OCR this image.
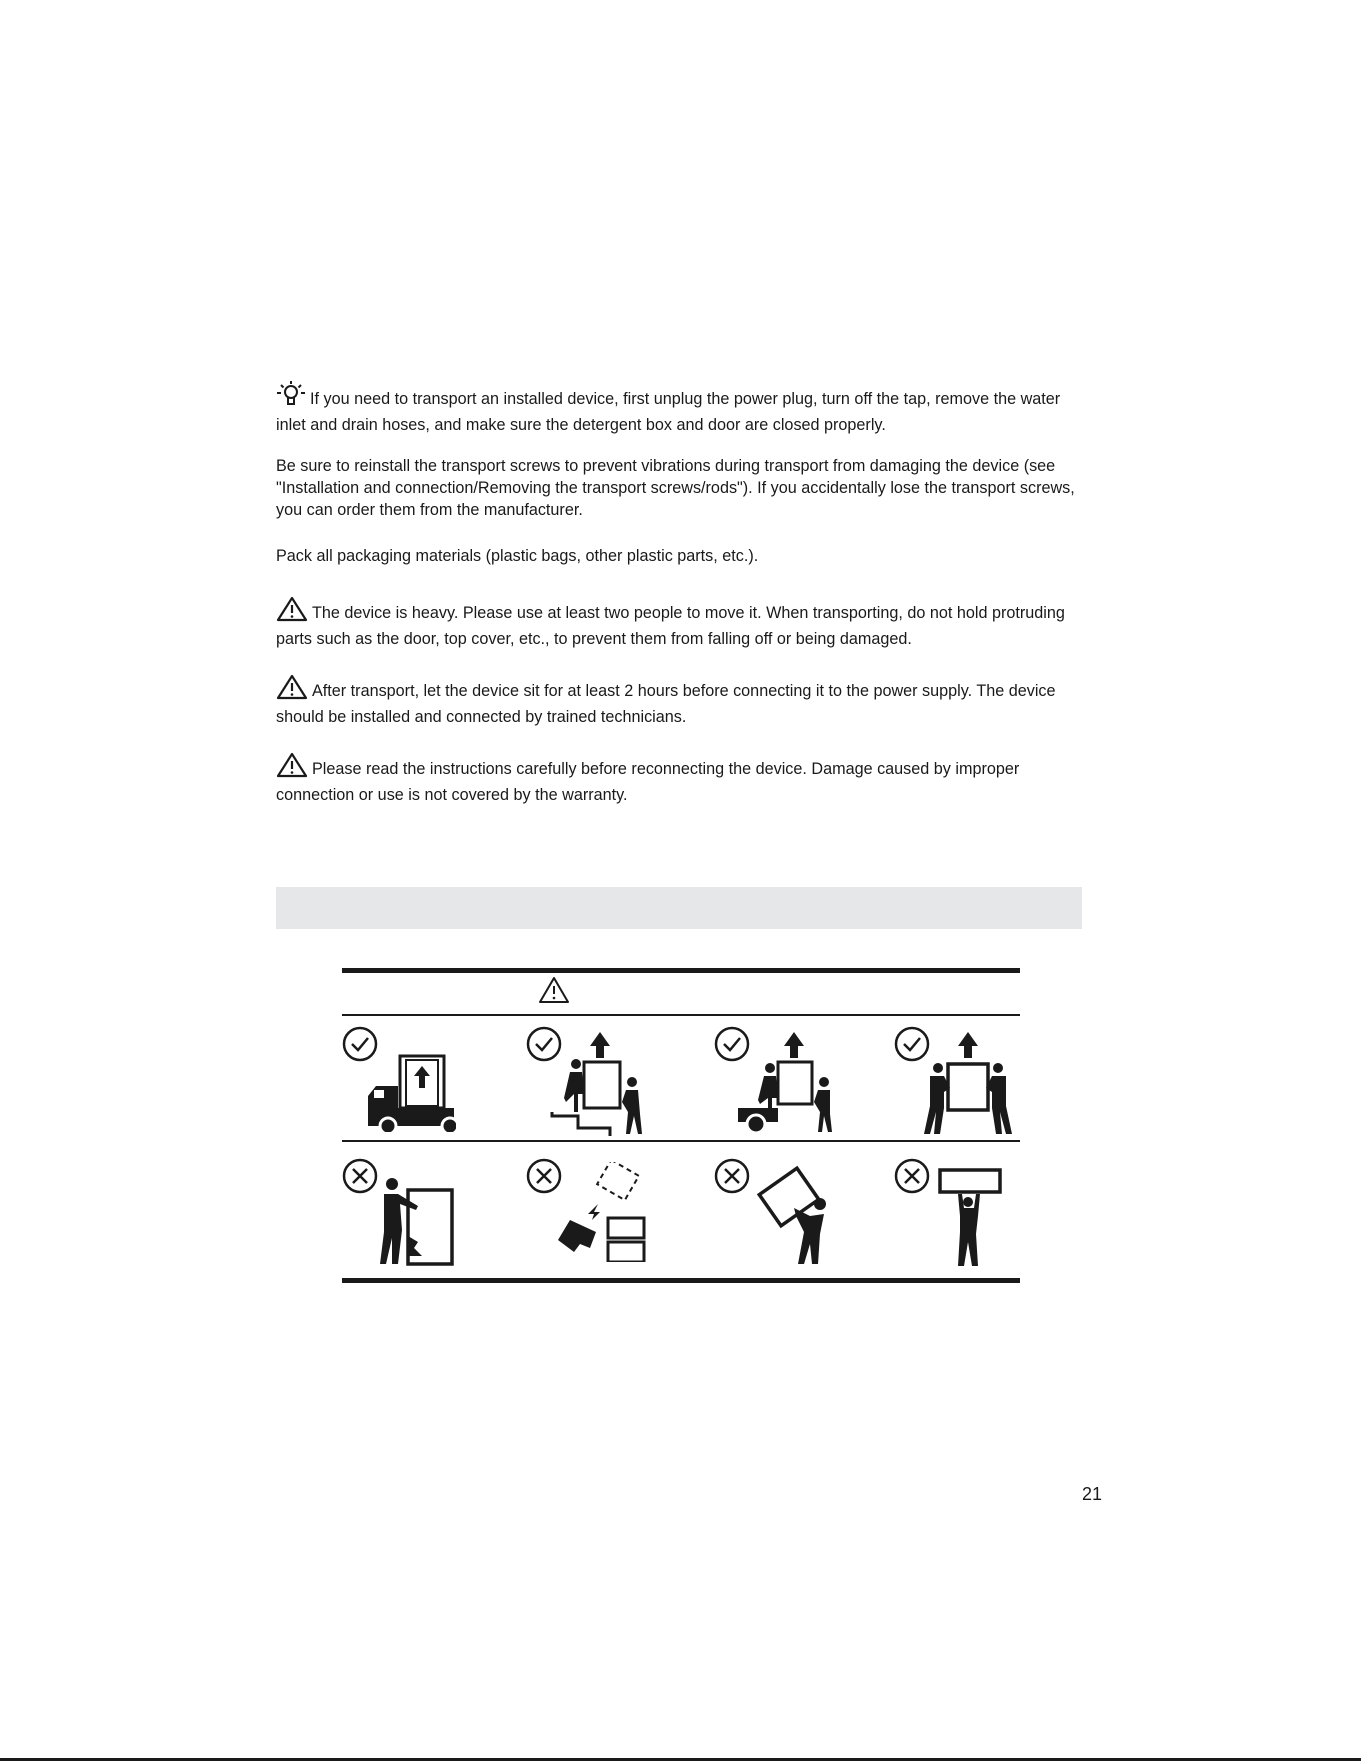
If you need to transport an installed device, first unplug the power plug, turn off the tap, remove the water inlet and drain hoses, and make sure the detergent box and door are closed properly.

Be sure to reinstall the transport screws to prevent vibrations during transport from damaging the device (see "Installation and connection/Removing the transport screws/rods"). If you accidentally lose the transport screws, you can order them from the manufacturer.

Pack all packaging materials (plastic bags, other plastic parts, etc.).

The device is heavy. Please use at least two people to move it. When transporting, do not hold protruding parts such as the door, top cover, etc., to prevent them from falling off or being damaged.

After transport, let the device sit for at least 2 hours before connecting it to the power supply. The device should be installed and connected by trained technicians.

Please read the instructions carefully before reconnecting the device. Damage caused by improper connection or use is not covered by the warranty.

21
